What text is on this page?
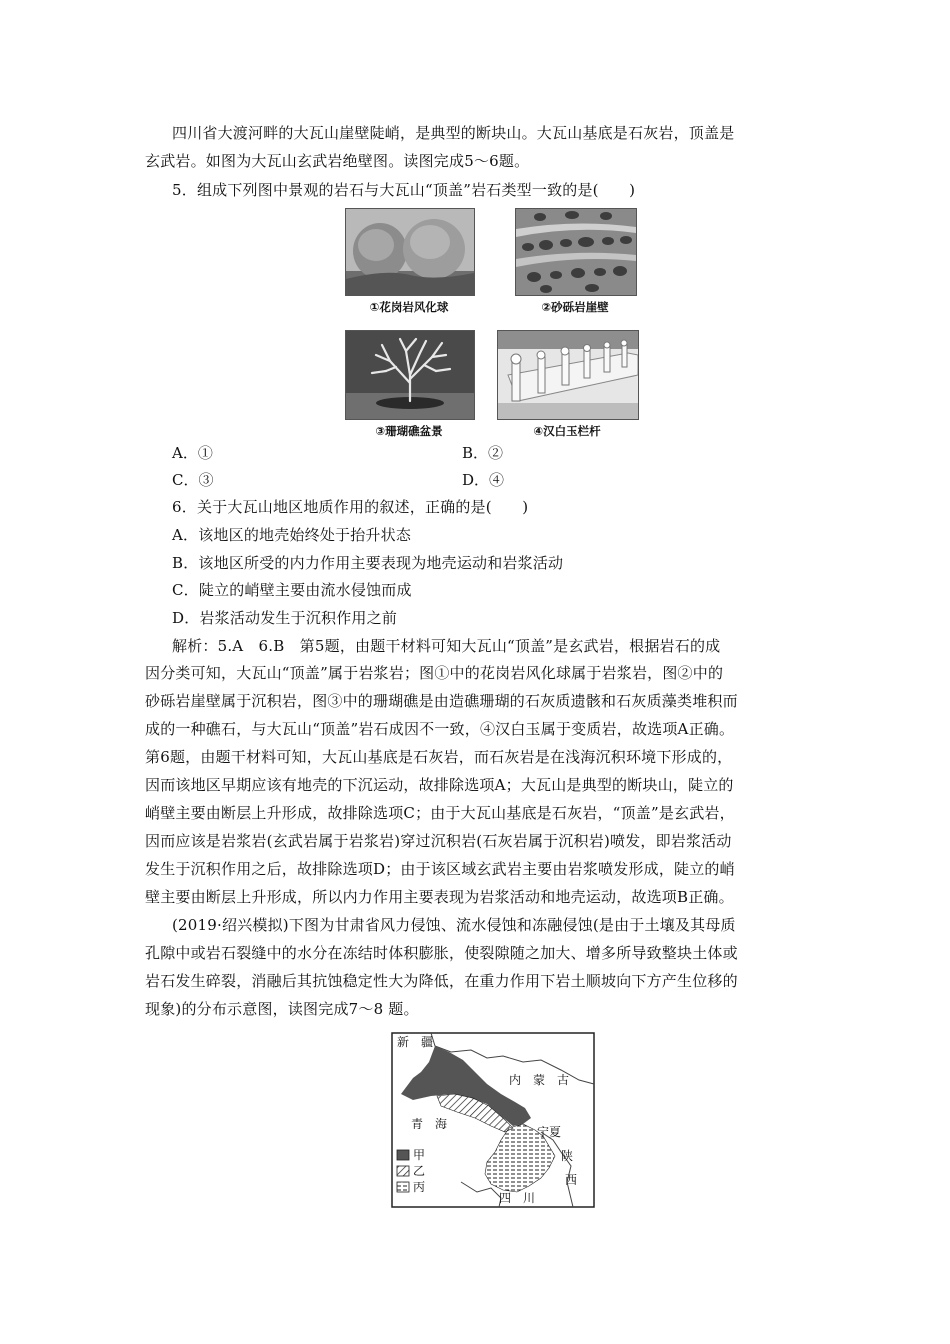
四川省大渡河畔的大瓦山崖壁陡峭，是典型的断块山。大瓦山基底是石灰岩，顶盖是
玄武岩。如图为大瓦山玄武岩绝壁图。读图完成5～6题。
5．组成下列图中景观的岩石与大瓦山“顶盖”岩石类型一致的是(　　)
①花岗岩风化球	②砂砾岩崖壁
③珊瑚礁盆景	④汉白玉栏杆
A．①	B．②
C．③	D．④
6．关于大瓦山地区地质作用的叙述，正确的是(　　)
A．该地区的地壳始终处于抬升状态
B．该地区所受的内力作用主要表现为地壳运动和岩浆活动
C．陡立的峭壁主要由流水侵蚀而成
D．岩浆活动发生于沉积作用之前
解析：5.A　6.B　第5题，由题干材料可知大瓦山“顶盖”是玄武岩，根据岩石的成
因分类可知，大瓦山“顶盖”属于岩浆岩；图①中的花岗岩风化球属于岩浆岩，图②中的
砂砾岩崖壁属于沉积岩，图③中的珊瑚礁是由造礁珊瑚的石灰质遗骸和石灰质藻类堆积而
成的一种礁石，与大瓦山“顶盖”岩石成因不一致，④汉白玉属于变质岩，故选项A正确。
第6题，由题干材料可知，大瓦山基底是石灰岩，而石灰岩是在浅海沉积环境下形成的，
因而该地区早期应该有地壳的下沉运动，故排除选项A；大瓦山是典型的断块山，陡立的
峭壁主要由断层上升形成，故排除选项C；由于大瓦山基底是石灰岩，“顶盖”是玄武岩，
因而应该是岩浆岩(玄武岩属于岩浆岩)穿过沉积岩(石灰岩属于沉积岩)喷发，即岩浆活动
发生于沉积作用之后，故排除选项D；由于该区域玄武岩主要由岩浆喷发形成，陡立的峭
壁主要由断层上升形成，所以内力作用主要表现为岩浆活动和地壳运动，故选项B正确。
(2019·绍兴模拟)下图为甘肃省风力侵蚀、流水侵蚀和冻融侵蚀(是由于土壤及其母质
孔隙中或岩石裂缝中的水分在冻结时体积膨胀，使裂隙随之加大、增多所导致整块土体或
岩石发生碎裂，消融后其抗蚀稳定性大为降低，在重力作用下岩土顺坡向下方产生位移的
现象)的分布示意图，读图完成7～8 题。
新　疆
内　蒙　古
青　海
宁夏
陕
西
四　川
甲
乙
丙
